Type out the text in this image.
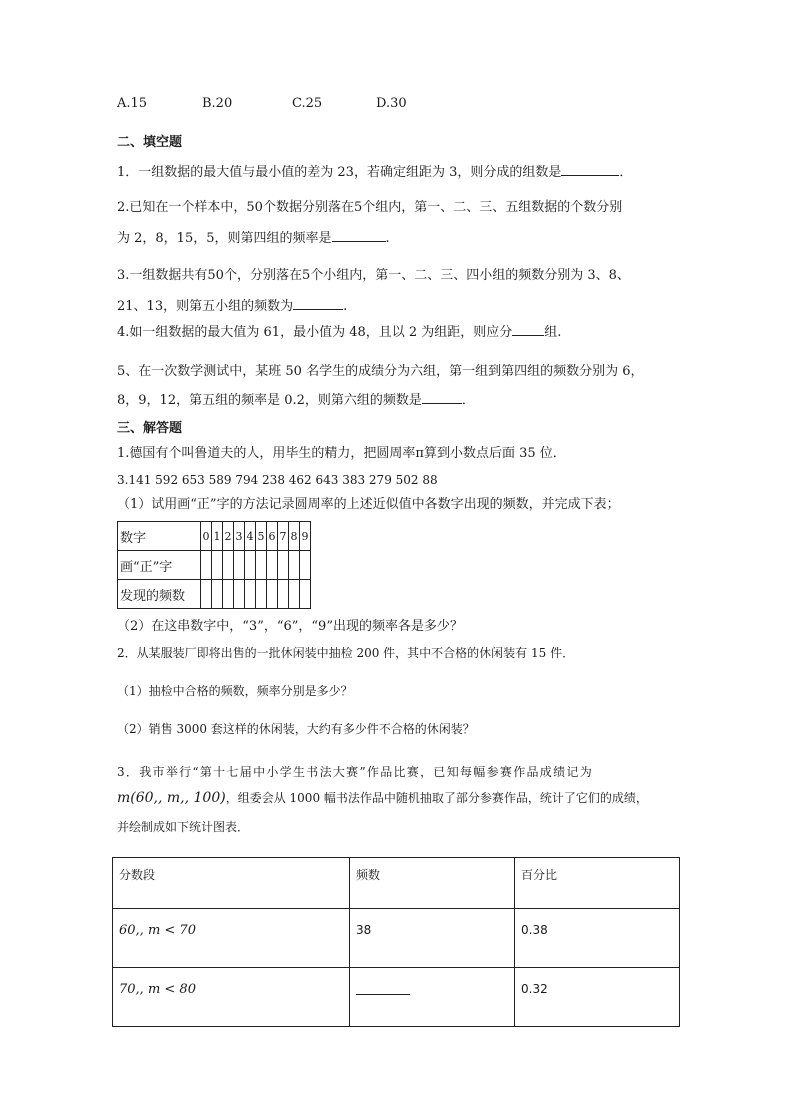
A.15	B.20	C.25	D.30
二、填空题
1．一组数据的最大值与最小值的差为 23，若确定组距为 3，则分成的组数是	．
2.已知在一个样本中，50个数据分别落在5个组内，第一、二、三、五组数据的个数分别
为 2，8，15，5，则第四组的频率是	.
3.一组数据共有50个，分别落在5个小组内，第一、二、三、四小组的频数分别为 3、8、
21、13，则第五小组的频数为	.
4.如一组数据的最大值为 61，最小值为 48，且以 2 为组距，则应分 组.
5、在一次数学测试中，某班 50 名学生的成绩分为六组，第一组到第四组的频数分别为 6，
8，9，12，第五组的频率是 0.2，则第六组的频数是	．
三、解答题
1.德国有个叫鲁道夫的人，用毕生的精力，把圆周率π算到小数点后面 35 位．
3.141 592 653 589 794 238 462 643 383 279 502 88
（1）试用画“正”字的方法记录圆周率的上述近似值中各数字出现的频数，并完成下表；
数字	0	1	2	3	4	5	6	7	8	9
画“正”字										
发现的频数										
（2）在这串数字中，“3”，“6”，“9”出现的频率各是多少？
2．从某服装厂即将出售的一批休闲装中抽检 200 件，其中不合格的休闲装有 15 件．
（1）抽检中合格的频数，频率分别是多少？
（2）销售 3000 套这样的休闲装，大约有多少件不合格的休闲装？
3．我市举行“第十七届中小学生书法大赛”作品比赛，已知每幅参赛作品成绩记为
m(60,, m,, 100)，组委会从 1000 幅书法作品中随机抽取了部分参赛作品，统计了它们的成绩，
并绘制成如下统计图表．
分数段	频数	百分比
60,, m < 70	38	0.38
70,, m < 80		0.32
